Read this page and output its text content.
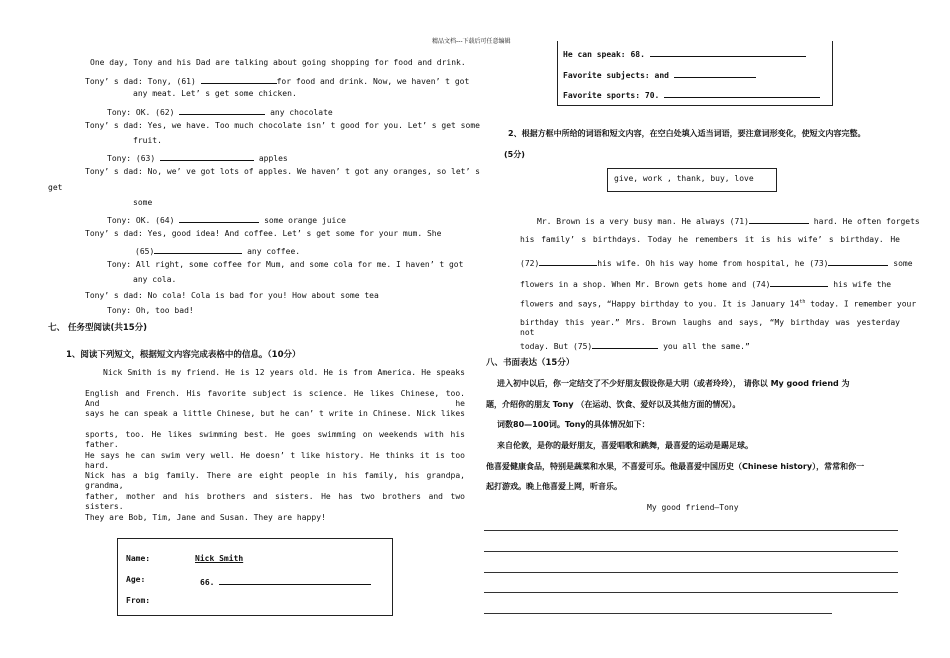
精品文档---下载后可任意编辑
One day, Tony and his Dad are talking about going shopping for food and drink.
Tony’ s dad: Tony, (61)	for food and drink. Now, we haven’ t got
any meat. Let’ s get some chicken.
Tony: OK. (62)	any chocolate
Tony’ s dad: Yes, we have. Too much chocolate isn’ t good for you. Let’ s get some
fruit.
Tony: (63)	apples
Tony’ s dad: No, we’ ve got lots of apples. We haven’ t got any oranges, so let’ s
get
some
Tony: OK. (64)	some orange juice
Tony’ s dad: Yes, good idea! And coffee. Let’ s get some for your mum. She
(65)	any coffee.
Tony: All right, some coffee for Mum, and some cola for me. I haven’ t got
any cola.
Tony’ s dad: No cola! Cola is bad for you! How about some tea
Tony: Oh, too bad!
七、 任务型阅读(共15分)
1、阅读下列短文，根据短文内容完成表格中的信息。（10分）
Nick Smith is my friend. He is 12 years old. He is from America. He speaks
English and French. His favorite subject is science. He likes Chinese, too. And he
says he can speak a little Chinese, but he can’ t write in Chinese. Nick likes
sports, too. He likes swimming best. He goes swimming on weekends with his father.
He says he can swim very well. He doesn’ t like history. He thinks it is too hard.
Nick has a big family. There are eight people in his family, his grandpa, grandma,
father, mother and his brothers and sisters. He has two brothers and two sisters.
They are Bob, Tim, Jane and Susan. They are happy!
Name:	Nick Smith
Age:	66.
From:
He can speak: 68.
Favorite subjects: and
Favorite sports: 70.
2、根据方框中所给的词语和短文内容，在空白处填入适当词语，要注意词形变化，使短文内容完整。
(5分)
give, work , thank, buy, love
Mr. Brown is a very busy man. He always (71)	hard. He often forgets
his family’ s birthdays. Today he remembers it is his wife’ s birthday. He
(72)	his wife. Oh his way home from hospital, he (73)	some
flowers in a shop. When Mr. Brown gets home and (74)	his wife the
flowers and says, “Happy birthday to you. It is January 14th today. I remember your
birthday this year.” Mrs. Brown laughs and says, “My birthday was yesterday not
today. But (75)	you all the same.”
八、书面表达（15分）
进入初中以后，你一定结交了不少好朋友假设你是大明（或者玲玲）， 请你以 My good friend 为
题，介绍你的朋友 Tony （在运动、饮食、爱好以及其他方面的情况）。
词数80—100词。Tony的具体情况如下：
来自伦敦，是你的最好朋友，喜爱唱歌和跳舞，最喜爱的运动是踢足球。
他喜爱健康食品，特别是蔬菜和水果，不喜爱可乐。他最喜爱中国历史（Chinese history），常常和你一
起打游戏。晚上他喜爱上网，听音乐。
My good friend—Tony
